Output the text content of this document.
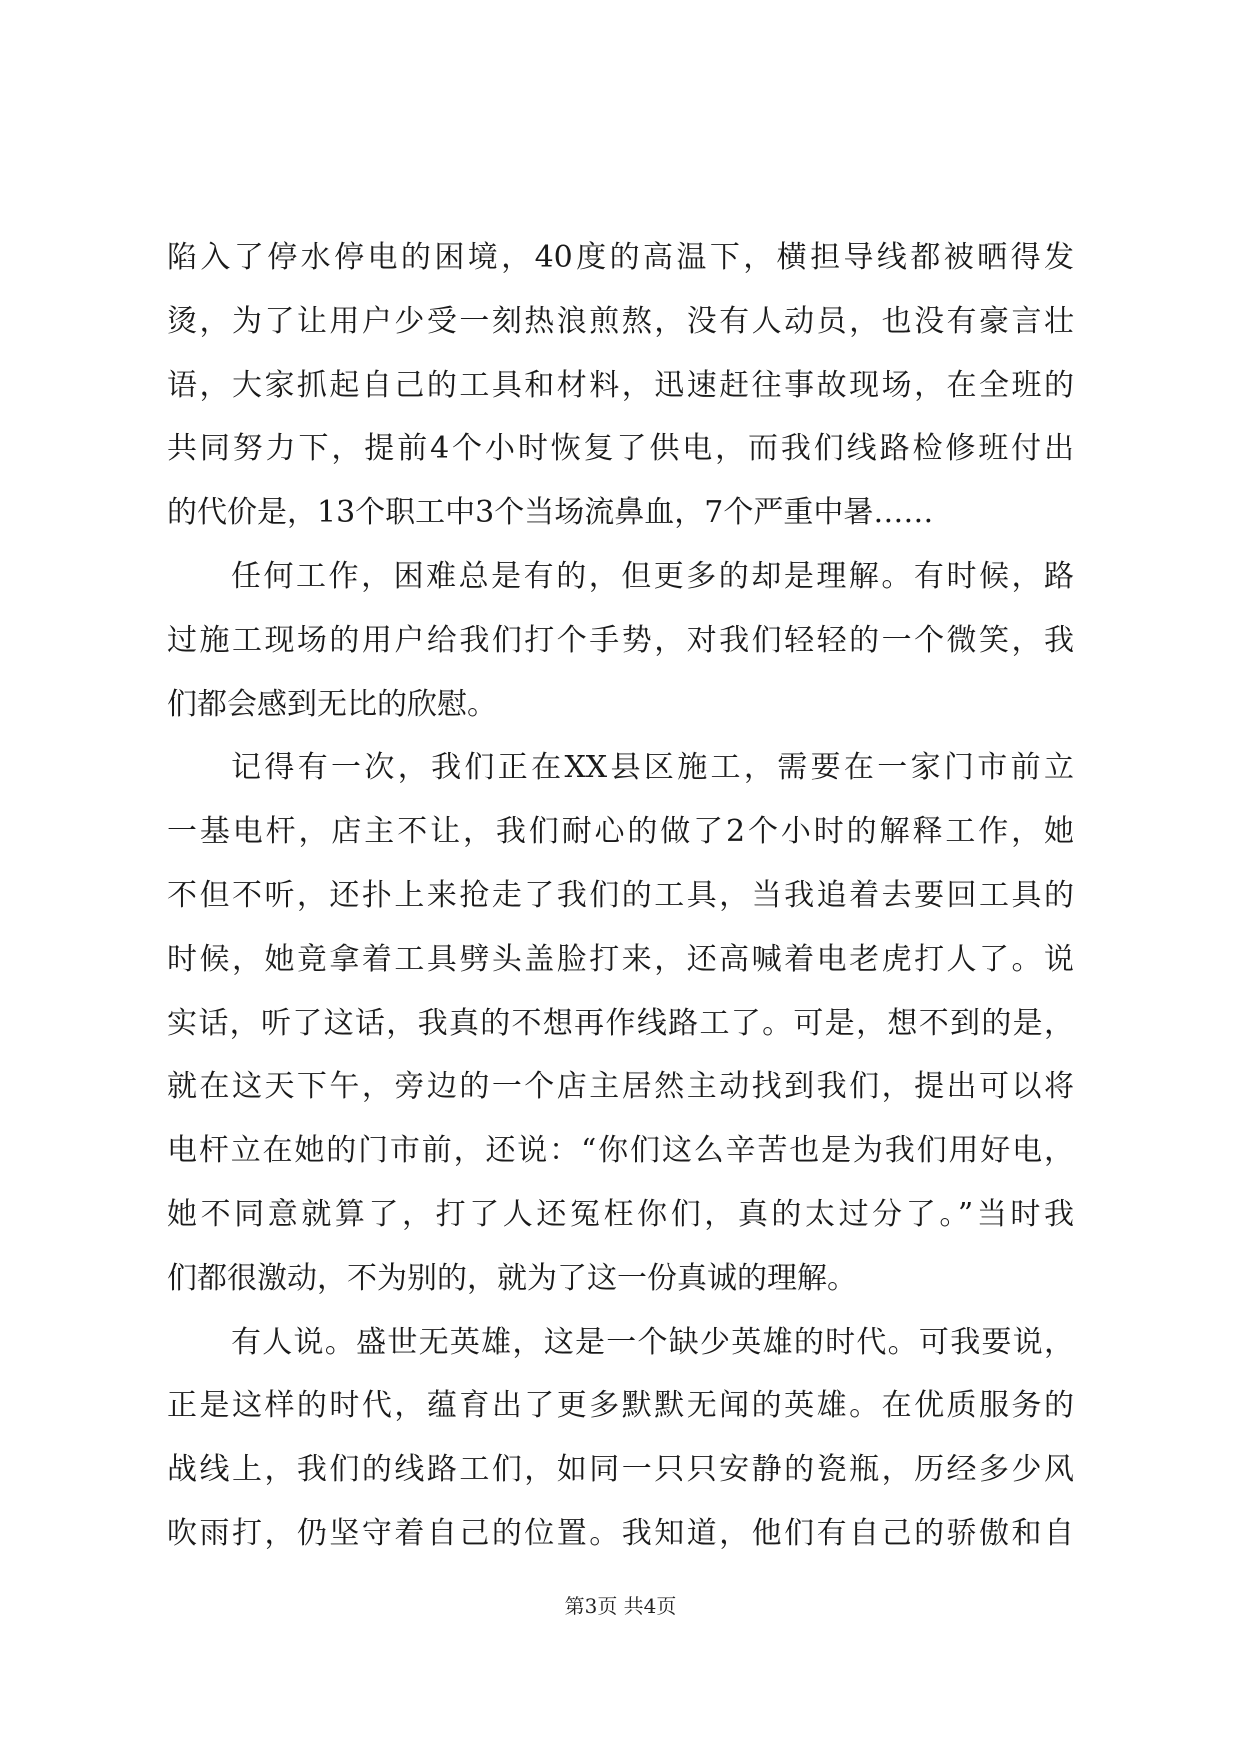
陷入了停水停电的困境，40度的高温下，横担导线都被晒得发
烫，为了让用户少受一刻热浪煎熬，没有人动员，也没有豪言壮
语，大家抓起自己的工具和材料，迅速赶往事故现场，在全班的
共同努力下，提前4个小时恢复了供电，而我们线路检修班付出
的代价是，13个职工中3个当场流鼻血，7个严重中暑……
任何工作，困难总是有的，但更多的却是理解。有时候，路
过施工现场的用户给我们打个手势，对我们轻轻的一个微笑，我
们都会感到无比的欣慰。
记得有一次，我们正在XX县区施工，需要在一家门市前立
一基电杆，店主不让，我们耐心的做了2个小时的解释工作，她
不但不听，还扑上来抢走了我们的工具，当我追着去要回工具的
时候，她竟拿着工具劈头盖脸打来，还高喊着电老虎打人了。说
实话，听了这话，我真的不想再作线路工了。可是，想不到的是，
就在这天下午，旁边的一个店主居然主动找到我们，提出可以将
电杆立在她的门市前，还说：“你们这么辛苦也是为我们用好电，
她不同意就算了，打了人还冤枉你们，真的太过分了。”当时我
们都很激动，不为别的，就为了这一份真诚的理解。
有人说。盛世无英雄，这是一个缺少英雄的时代。可我要说，
正是这样的时代，蕴育出了更多默默无闻的英雄。在优质服务的
战线上，我们的线路工们，如同一只只安静的瓷瓶，历经多少风
吹雨打，仍坚守着自己的位置。我知道，他们有自己的骄傲和自
第3页 共4页
